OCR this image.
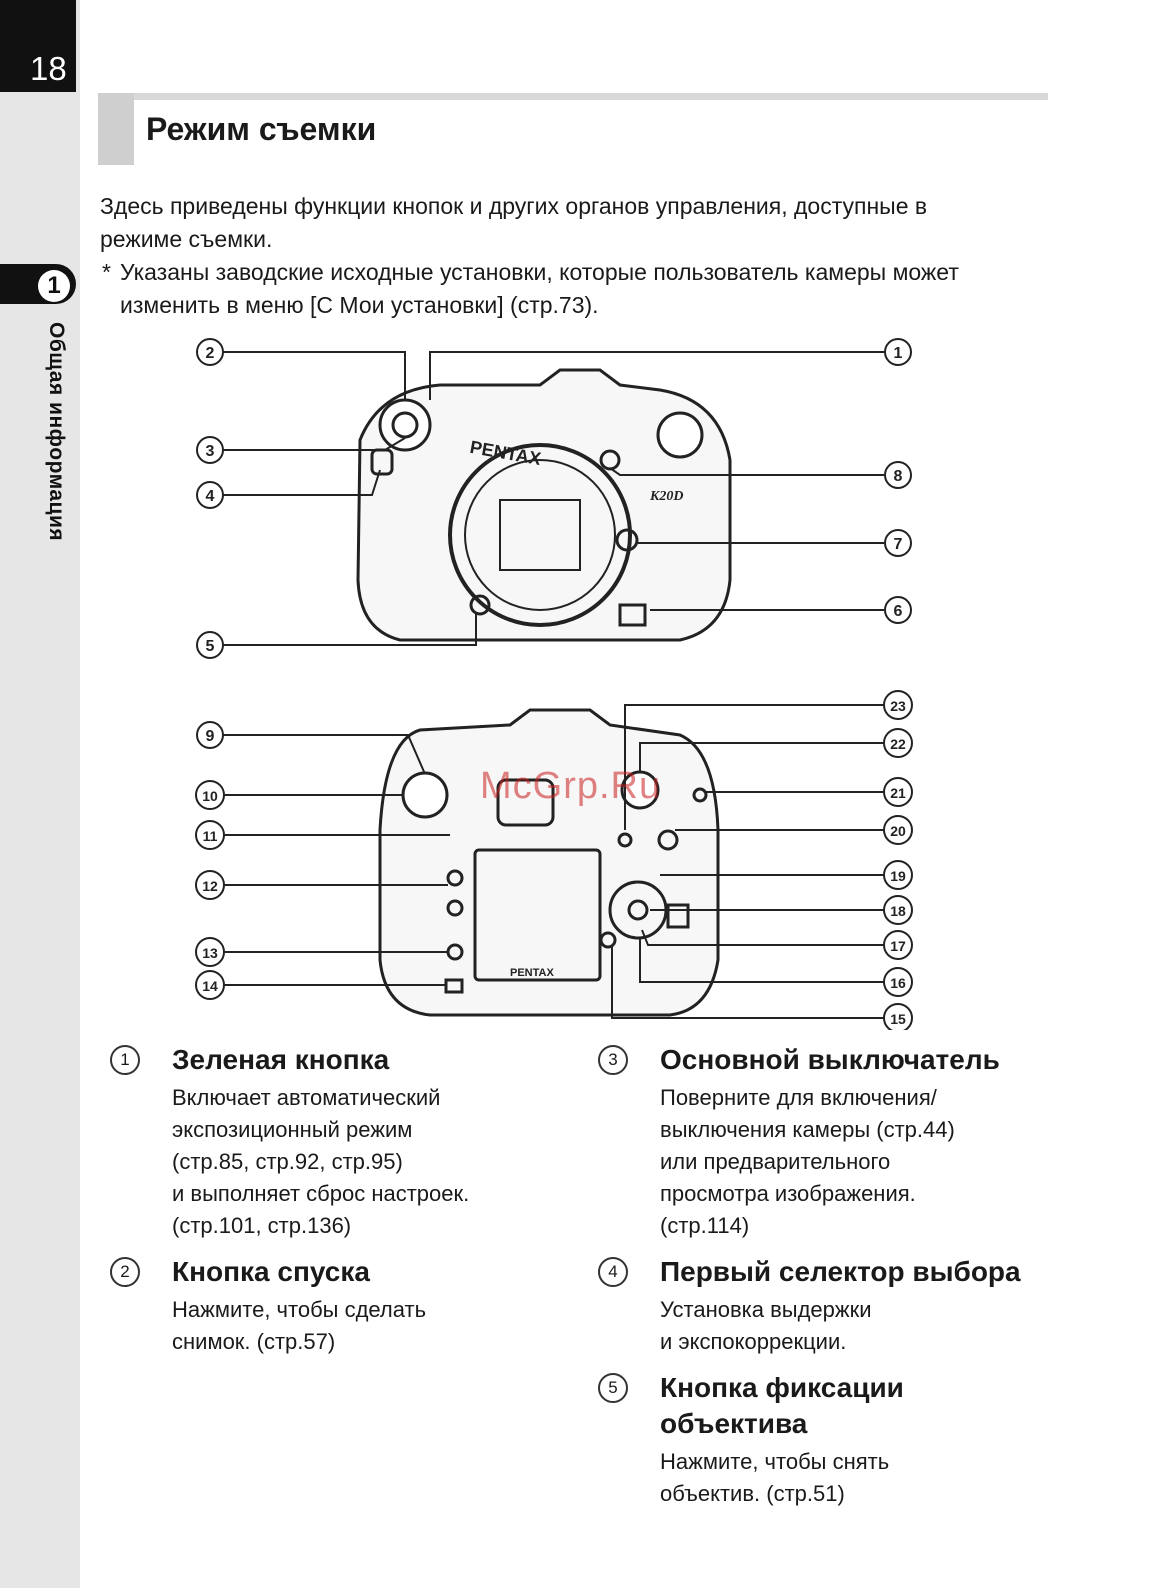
18
1
Общая информация
Режим съемки

Здесь приведены функции кнопок и других органов управления, доступные в режиме съемки.

* Указаны заводские исходные установки, которые пользователь камеры может изменить в меню [C Мои установки] (стр.73).

PENTAX
K20D
PENTAX
2	1
3
4
5
6
7
8
9
10
11
12
13
14
15
16
17
18
19
20
21
22
23
McGrp.Ru
1	Зеленая кнопка
Включает автоматический
экспозиционный режим
(стр.85, стр.92, стр.95)
и выполняет сброс настроек.
(стр.101, стр.136)
2	Кнопка спуска
Нажмите, чтобы сделать
снимок. (стр.57)
3	Основной выключатель
Поверните для включения/
выключения камеры (стр.44)
или предварительного
просмотра изображения.
(стр.114)
4	Первый селектор выбора
Установка выдержки
и экспокоррекции.
5	Кнопка фиксации объектива
Нажмите, чтобы снять
объектив. (стр.51)
